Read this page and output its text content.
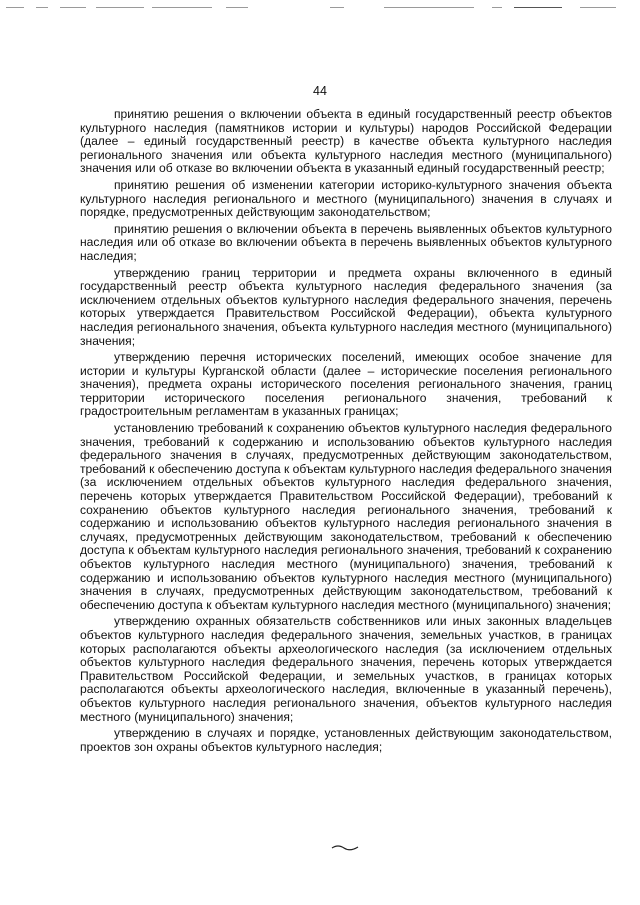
44

принятию решения о включении объекта в единый государственный реестр объектов культурного наследия (памятников истории и культуры) народов Российской Федерации (далее – единый государственный реестр) в качестве объекта культурного наследия регионального значения или объекта культурного наследия местного (муниципального) значения или об отказе во включении объекта в указанный единый государственный реестр;

принятию решения об изменении категории историко-культурного значения объекта культурного наследия регионального и местного (муниципального) значения в случаях и порядке, предусмотренных действующим законодательством;

принятию решения о включении объекта в перечень выявленных объектов культурного наследия или об отказе во включении объекта в перечень выявленных объектов культурного наследия;

утверждению границ территории и предмета охраны включенного в единый государственный реестр объекта культурного наследия федерального значения (за исключением отдельных объектов культурного наследия федерального значения, перечень которых утверждается Правительством Российской Федерации), объекта культурного наследия регионального значения, объекта культурного наследия местного (муниципального) значения;

утверждению перечня исторических поселений, имеющих особое значение для истории и культуры Курганской области (далее – исторические поселения регионального значения), предмета охраны исторического поселения регионального значения, границ территории исторического поселения регионального значения, требований к градостроительным регламентам в указанных границах;

установлению требований к сохранению объектов культурного наследия федерального значения, требований к содержанию и использованию объектов культурного наследия федерального значения в случаях, предусмотренных действующим законодательством, требований к обеспечению доступа к объектам культурного наследия федерального значения (за исключением отдельных объектов культурного наследия федерального значения, перечень которых утверждается Правительством Российской Федерации), требований к сохранению объектов культурного наследия регионального значения, требований к содержанию и использованию объектов культурного наследия регионального значения в случаях, предусмотренных действующим законодательством, требований к обеспечению доступа к объектам культурного наследия регионального значения, требований к сохранению объектов культурного наследия местного (муниципального) значения, требований к содержанию и использованию объектов культурного наследия местного (муниципального) значения в случаях, предусмотренных действующим законодательством, требований к обеспечению доступа к объектам культурного наследия местного (муниципального) значения;

утверждению охранных обязательств собственников или иных законных владельцев объектов культурного наследия федерального значения, земельных участков, в границах которых располагаются объекты археологического наследия (за исключением отдельных объектов культурного наследия федерального значения, перечень которых утверждается Правительством Российской Федерации, и земельных участков, в границах которых располагаются объекты археологического наследия, включенные в указанный перечень), объектов культурного наследия регионального значения, объектов культурного наследия местного (муниципального) значения;

утверждению в случаях и порядке, установленных действующим законодательством, проектов зон охраны объектов культурного наследия;
